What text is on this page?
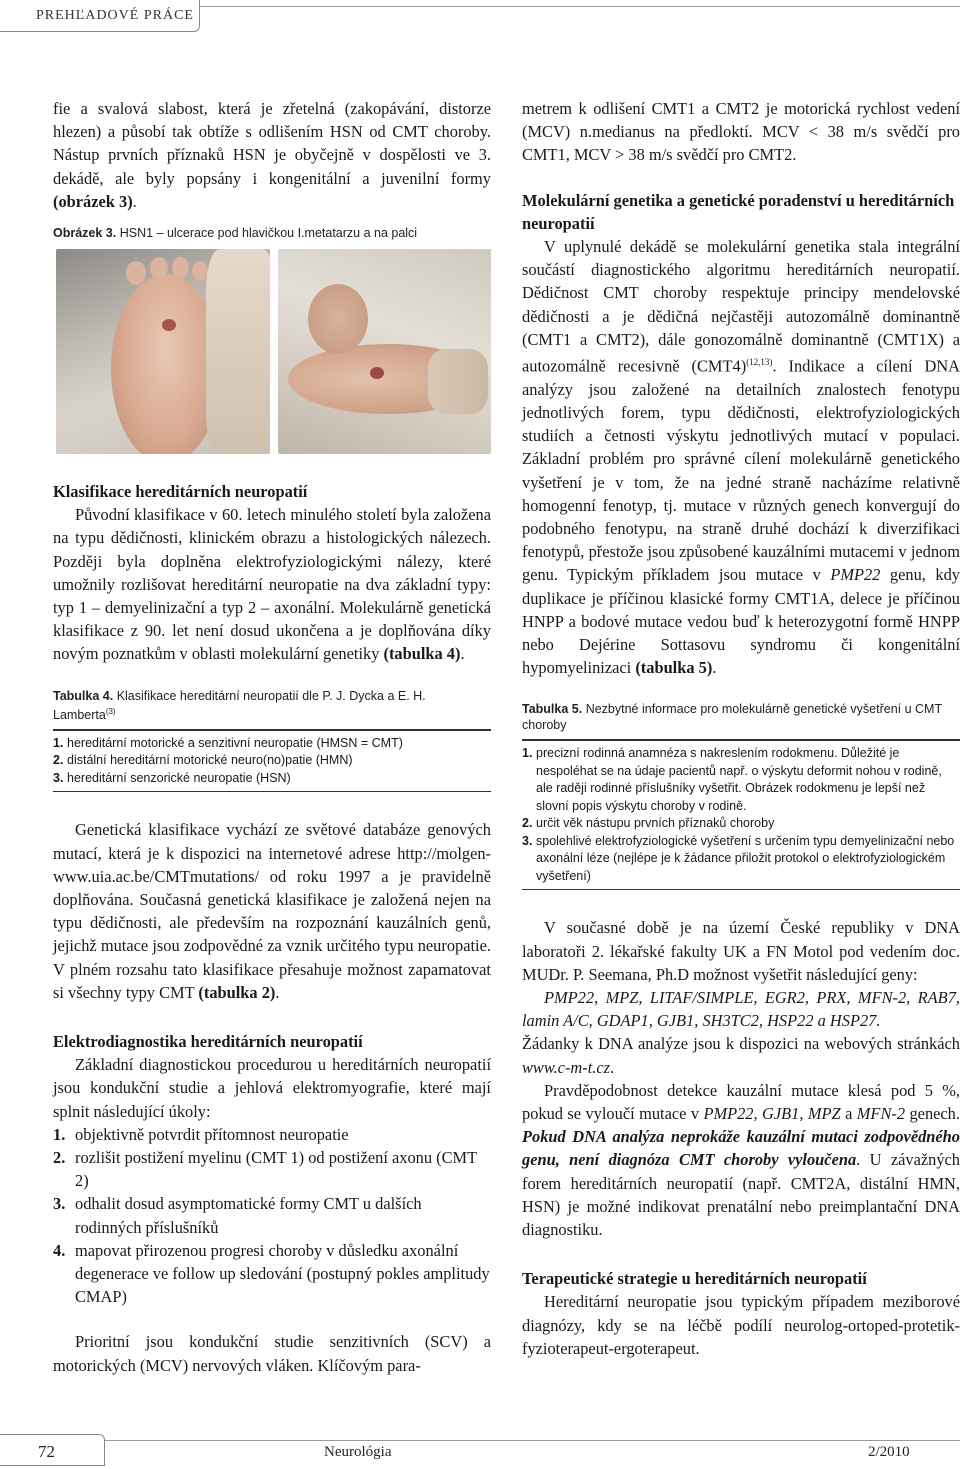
PREHĽADOVÉ PRÁCE

fie a svalová slabost, která je zřetelná (zakopávání, distorze hlezen) a působí tak obtíže s odlišením HSN od CMT choroby. Nástup prvních příznaků HSN je obyčejně v dospělosti ve 3. dekádě, ale byly popsány i kongenitální a juvenilní formy (obrázek 3).

Obrázek 3. HSN1 – ulcerace pod hlavičkou I.metatarzu a na palci
Klasifikace hereditárních neuropatií

Původní klasifikace v 60. letech minulého století byla založena na typu dědičnosti, klinickém obrazu a histologických nálezech. Později byla doplněna elektrofyziologickými nálezy, které umožnily rozlišovat hereditární neuropatie na dva základní typy: typ 1 – demyelinizační a typ 2 – axonální. Molekulárně genetická klasifikace z 90. let není dosud ukončena a je doplňována díky novým poznatkům v oblasti molekulární genetiky (tabulka 4).

Tabulka 4. Klasifikace hereditární neuropatií dle P. J. Dycka a E. H. Lamberta$^{(3)}$
1. hereditární motorické a senzitivní neuropatie (HMSN = CMT)
2. distální hereditární motorické neuro(no)patie (HMN)
3. hereditární senzorické neuropatie (HSN)

Genetická klasifikace vychází ze světové databáze genových mutací, která je k dispozici na internetové adrese http://molgen-www.uia.ac.be/CMTmutations/ od roku 1997 a je pravidelně doplňována. Současná genetická klasifikace je založená nejen na typu dědičnosti, ale především na rozpoznání kauzálních genů, jejichž mutace jsou zodpovědné za vznik určitého typu neuropatie. V plném rozsahu tato klasifikace přesahuje možnost zapamatovat si všechny typy CMT (tabulka 2).

Elektrodiagnostika hereditárních neuropatií

Základní diagnostickou procedurou u hereditárních neuropatií jsou kondukční studie a jehlová elektromyografie, které mají splnit následující úkoly:

1. objektivně potvrdit přítomnost neuropatie
2. rozlišit postižení myelinu (CMT 1) od postižení axonu (CMT 2)
3. odhalit dosud asymptomatické formy CMT u dalších rodinných příslušníků
4. mapovat přirozenou progresi choroby v důsledku axonální degenerace ve follow up sledování (postupný pokles amplitudy CMAP)

Prioritní jsou kondukční studie senzitivních (SCV) a motorických (MCV) nervových vláken. Klíčovým para-

metrem k odlišení CMT1 a CMT2 je motorická rychlost vedení (MCV) n.medianus na předloktí. MCV < 38 m/s svědčí pro CMT1, MCV > 38 m/s svědčí pro CMT2.

Molekulární genetika a genetické poradenství u hereditárních neuropatií

V uplynulé dekádě se molekulární genetika stala integrální součástí diagnostického algoritmu hereditárních neuropatií. Dědičnost CMT choroby respektuje principy mendelovské dědičnosti a je dědičná nejčastěji autozomálně dominantně (CMT1 a CMT2), dále gonozomálně dominantně (CMT1X) a autozomálně recesivně $(CMT4)^{(12,13)}$. Indikace a cílení DNA analýzy jsou založené na detailních znalostech fenotypu jednotlivých forem, typu dědičnosti, elektrofyziologických studiích a četnosti výskytu jednotlivých mutací v populaci. Základní problém pro správné cílení molekulárně genetického vyšetření je v tom, že na jedné straně nacházíme relativně homogenní fenotyp, tj. mutace v různých genech konvergují do podobného fenotypu, na straně druhé dochází k diverzifikaci fenotypů, přestože jsou způsobené kauzálními mutacemi v jednom genu. Typickým příkladem jsou mutace v PMP22 genu, kdy duplikace je příčinou klasické formy CMT1A, delece je příčinou HNPP a bodové mutace vedou buď k heterozygotní formě HNPP nebo Dejérine Sottasovu syndromu či kongenitální hypomyelinizaci (tabulka 5).

Tabulka 5. Nezbytné informace pro molekulárně genetické vyšetření u CMT choroby
1. precizní rodinná anamnéza s nakreslením rodokmenu. Důležité je nespoléhat se na údaje pacientů např. o výskytu deformit nohou v rodině, ale raději rodinné příslušníky vyšetřit. Obrázek rodokmenu je lepší než slovní popis výskytu choroby v rodině.
2. určit věk nástupu prvních příznaků choroby
3. spolehlivé elektrofyziologické vyšetření s určením typu demyelinizační nebo axonální léze (nejlépe je k žádance přiložit protokol o elektrofyziologickém vyšetření)

V současné době je na území České republiky v DNA laboratoři 2. lékařské fakulty UK a FN Motol pod vedením doc. MUDr. P. Seemana, Ph.D možnost vyšetřit následující geny:

PMP22, MPZ, LITAF/SIMPLE, EGR2, PRX, MFN-2, RAB7, lamin A/C, GDAP1, GJB1, SH3TC2, HSP22 a HSP27.

Žádanky k DNA analýze jsou k dispozici na webových stránkách www.c-m-t.cz.

Pravděpodobnost detekce kauzální mutace klesá pod 5 %, pokud se vyloučí mutace v PMP22, GJB1, MPZ a MFN-2 genech. Pokud DNA analýza neprokáže kauzální mutaci zodpovědného genu, není diagnóza CMT choroby vyloučena. U závažných forem hereditárních neuropatií (např. CMT2A, distální HMN, HSN) je možné indikovat prenatální nebo preimplantační DNA diagnostiku.

Terapeutické strategie u hereditárních neuropatií

Hereditární neuropatie jsou typickým případem meziborové diagnózy, kdy se na léčbě podílí neurolog-ortoped-protetik-fyzioterapeut-ergoterapeut.

72	Neurológia	2/2010
